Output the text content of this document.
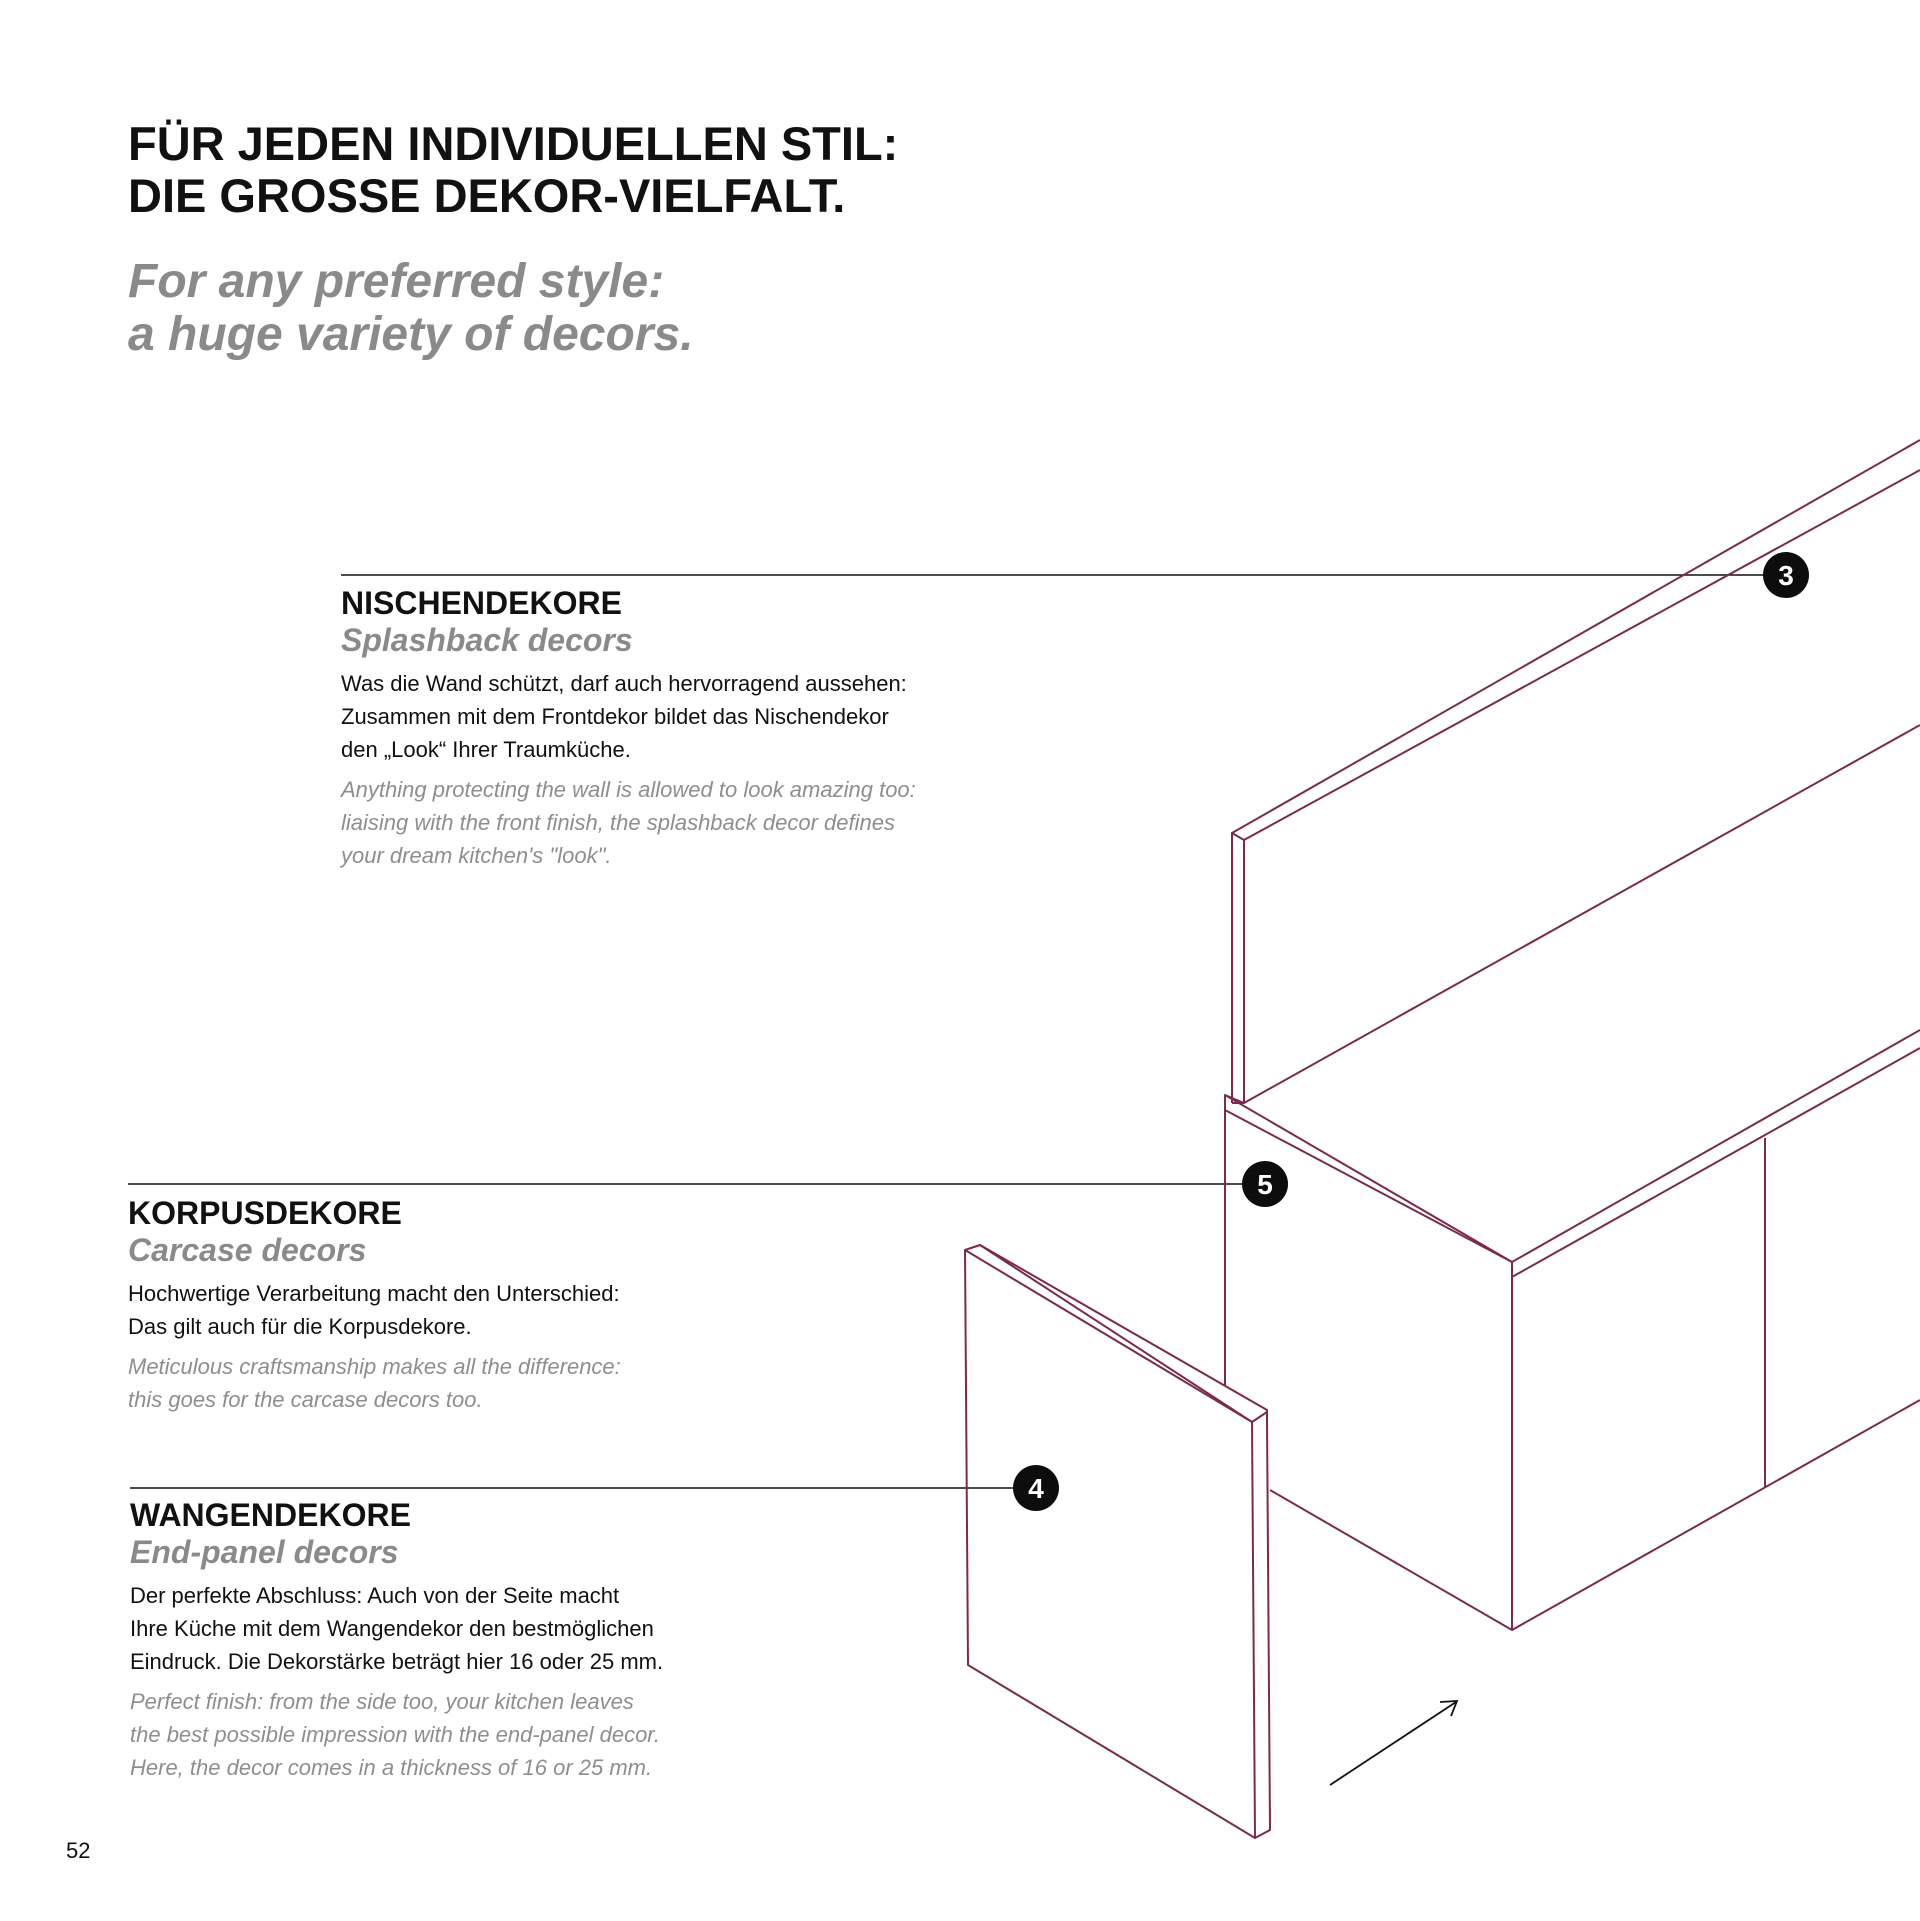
3
5
4
FÜR JEDEN INDIVIDUELLEN STIL:
DIE GROSSE DEKOR-VIELFALT.
For any preferred style:
a huge variety of decors.
NISCHENDEKORE
Splashback decors
Was die Wand schützt, darf auch hervorragend aussehen:
Zusammen mit dem Frontdekor bildet das Nischendekor
den „Look“ Ihrer Traumküche.
Anything protecting the wall is allowed to look amazing too:
liaising with the front finish, the splashback decor defines
your dream kitchen's "look".
KORPUSDEKORE
Carcase decors
Hochwertige Verarbeitung macht den Unterschied:
Das gilt auch für die Korpusdekore.
Meticulous craftsmanship makes all the difference:
this goes for the carcase decors too.
WANGENDEKORE
End-panel decors
Der perfekte Abschluss: Auch von der Seite macht
Ihre Küche mit dem Wangendekor den bestmöglichen
Eindruck. Die Dekorstärke beträgt hier 16 oder 25 mm.
Perfect finish: from the side too, your kitchen leaves
the best possible impression with the end-panel decor.
Here, the decor comes in a thickness of 16 or 25 mm.
52
